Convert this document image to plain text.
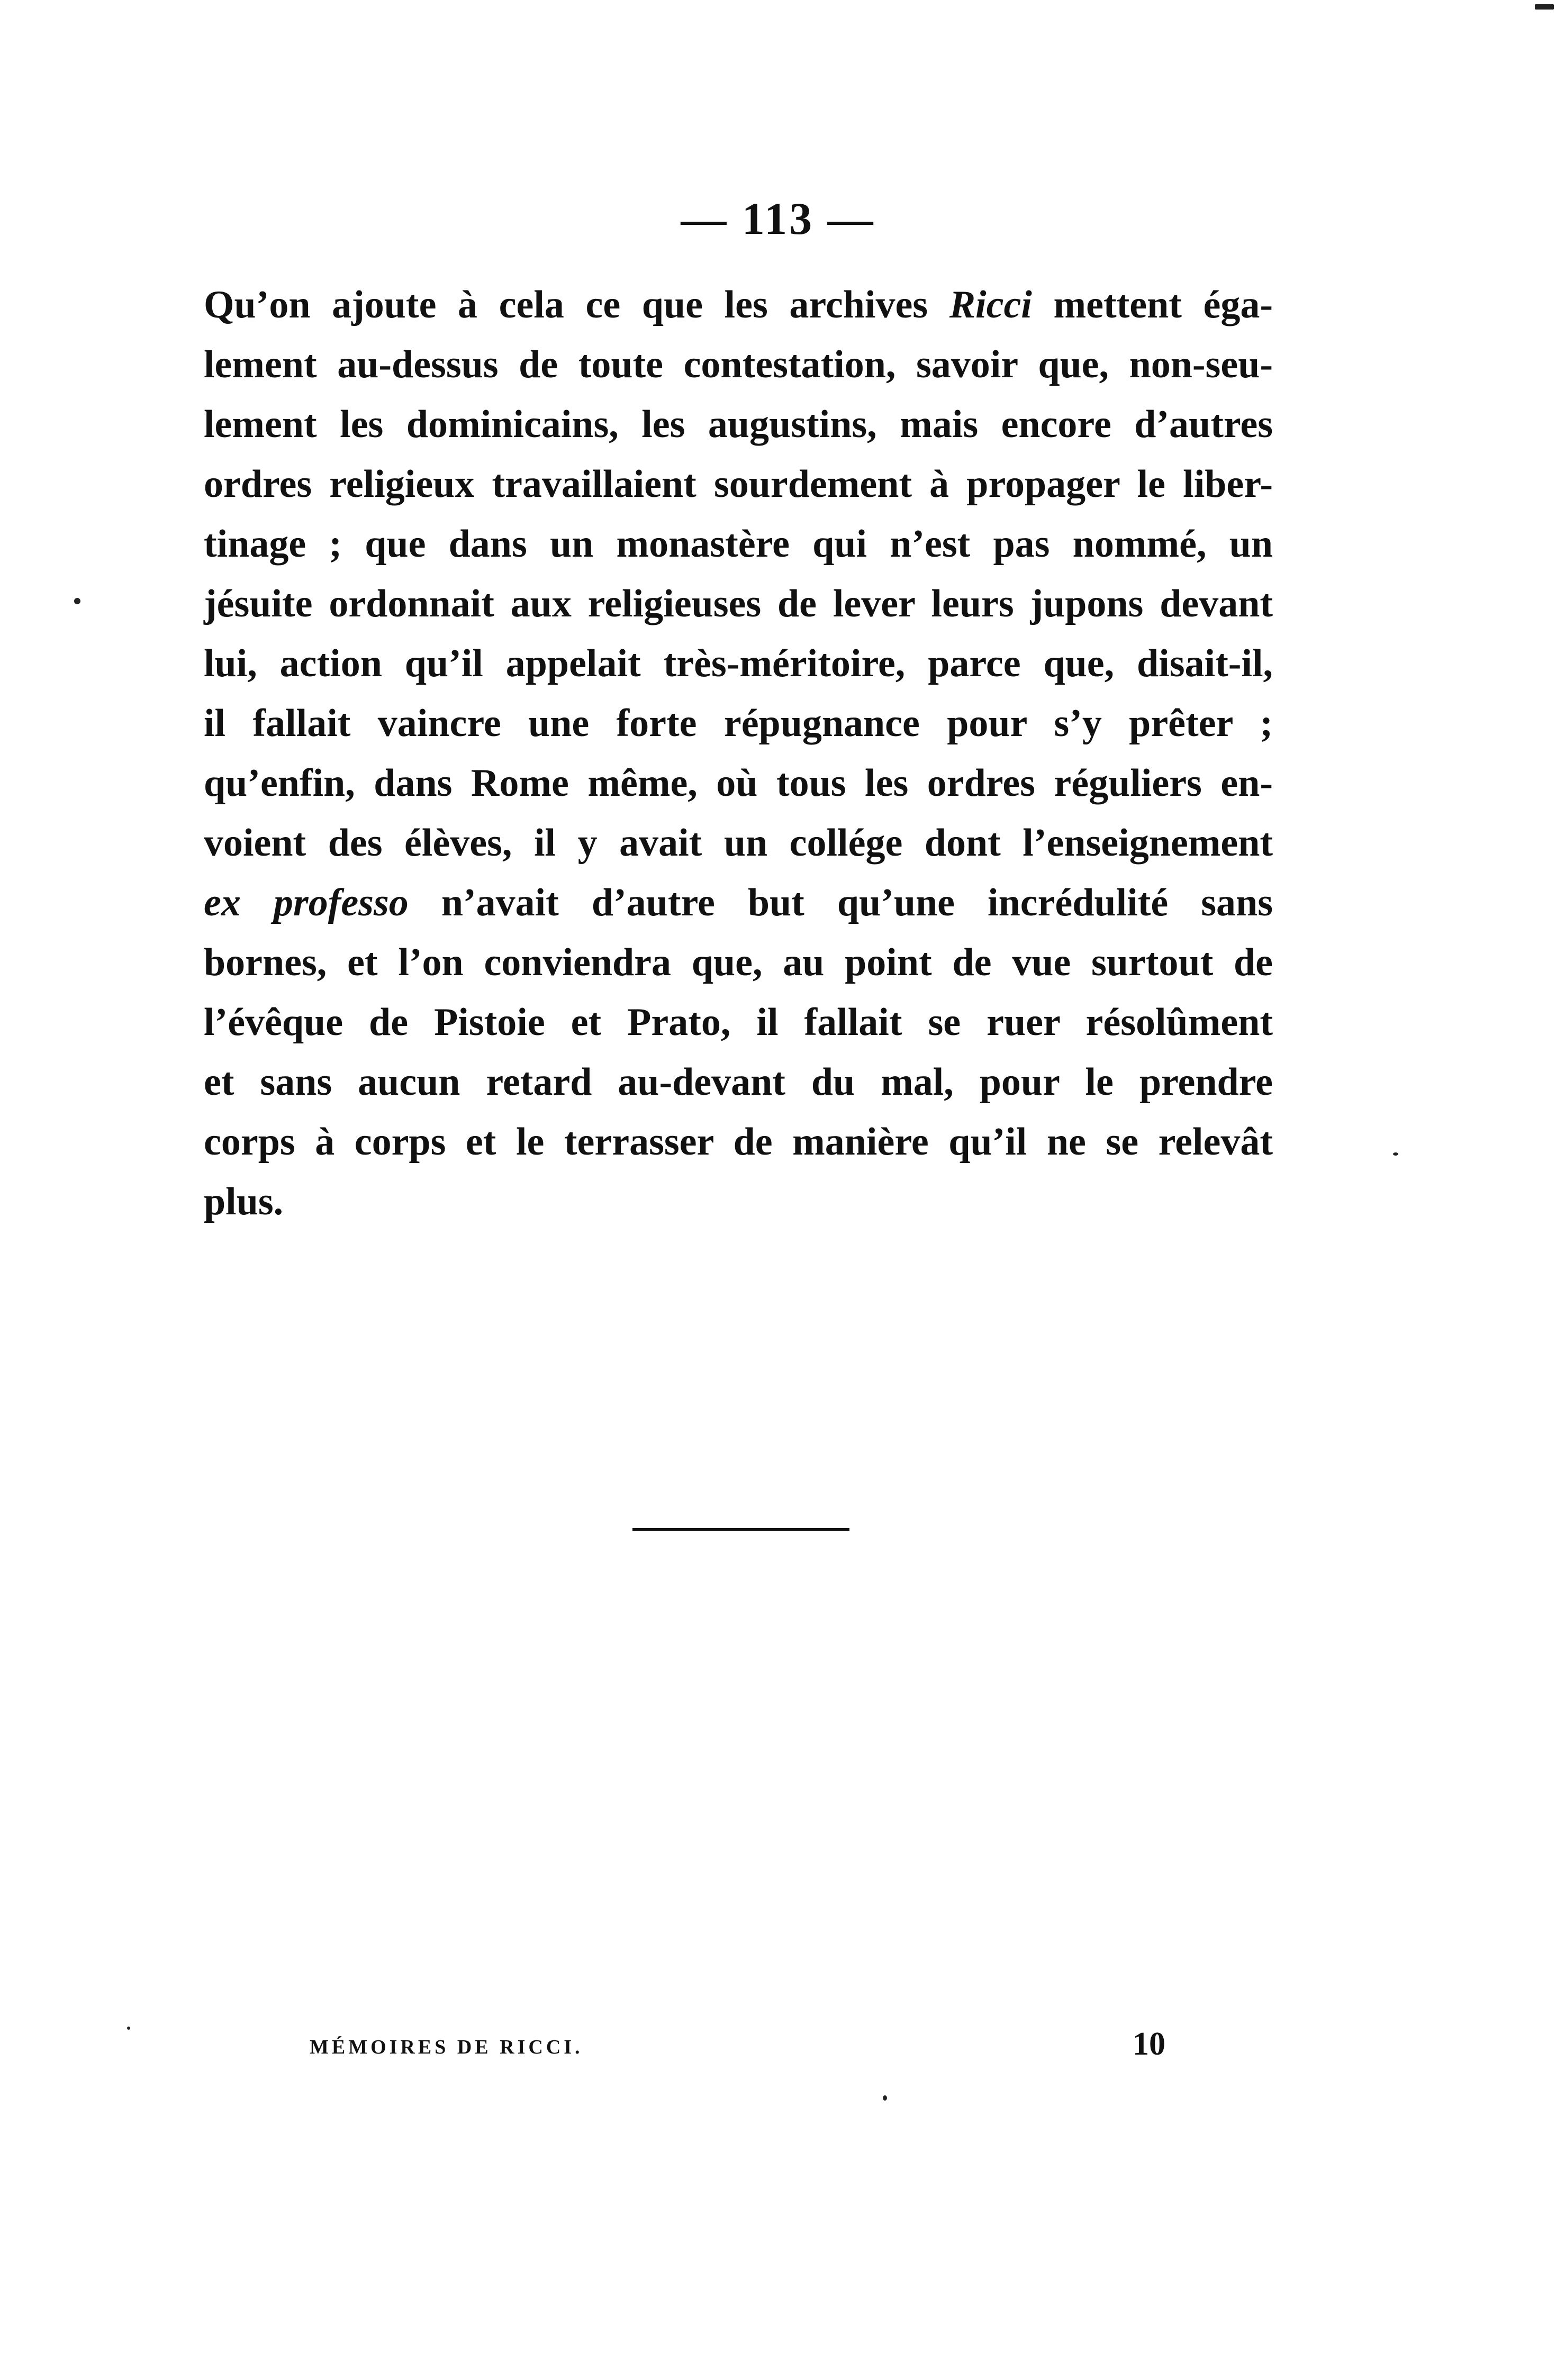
— 113 —
Qu’on ajoute à cela ce que les archives Ricci mettent éga-
lement au-dessus de toute contestation, savoir que, non-seu-
lement les dominicains, les augustins, mais encore d’autres
ordres religieux travaillaient sourdement à propager le liber-
tinage ; que dans un monastère qui n’est pas nommé, un
jésuite ordonnait aux religieuses de lever leurs jupons devant
lui, action qu’il appelait très-méritoire, parce que, disait-il,
il fallait vaincre une forte répugnance pour s’y prêter ;
qu’enfin, dans Rome même, où tous les ordres réguliers en-
voient des élèves, il y avait un collége dont l’enseignement
ex professo n’avait d’autre but qu’une incrédulité sans
bornes, et l’on conviendra que, au point de vue surtout de
l’évêque de Pistoie et Prato, il fallait se ruer résolûment
et sans aucun retard au-devant du mal, pour le prendre
corps à corps et le terrasser de manière qu’il ne se relevât
plus.
MÉMOIRES DE RICCI.	10
